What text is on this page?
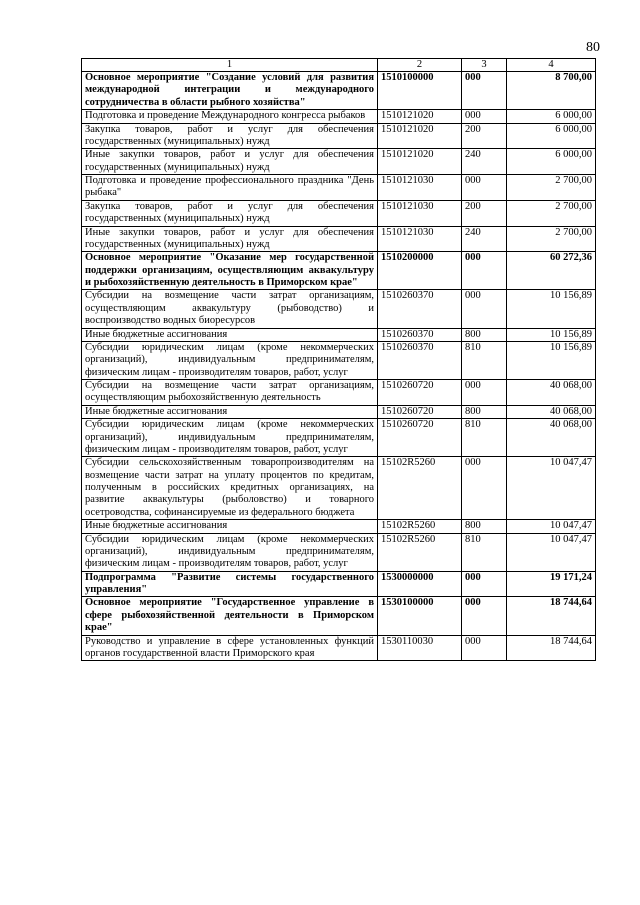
80
1	2	3	4
Основное мероприятие "Создание условий для развития международной интеграции и международного сотрудничества в области рыбного хозяйства"	1510100000	000	8 700,00
Подготовка и проведение Международного конгресса рыбаков	1510121020	000	6 000,00
Закупка товаров, работ и услуг для обеспечения государственных (муниципальных) нужд	1510121020	200	6 000,00
Иные закупки товаров, работ и услуг для обеспечения государственных (муниципальных) нужд	1510121020	240	6 000,00
Подготовка и проведение профессионального праздника "День рыбака"	1510121030	000	2 700,00
Закупка товаров, работ и услуг для обеспечения государственных (муниципальных) нужд	1510121030	200	2 700,00
Иные закупки товаров, работ и услуг для обеспечения государственных (муниципальных) нужд	1510121030	240	2 700,00
Основное мероприятие "Оказание мер государственной поддержки организациям, осуществляющим аквакультуру и рыбохозяйственную деятельность в Приморском крае"	1510200000	000	60 272,36
Субсидии на возмещение части затрат организациям, осуществляющим аквакультуру (рыбоводство) и воспроизводство водных биоресурсов	1510260370	000	10 156,89
Иные бюджетные ассигнования	1510260370	800	10 156,89
Субсидии юридическим лицам (кроме некоммерческих организаций), индивидуальным предпринимателям, физическим лицам - производителям товаров, работ, услуг	1510260370	810	10 156,89
Субсидии на возмещение части затрат организациям, осуществляющим рыбохозяйственную деятельность	1510260720	000	40 068,00
Иные бюджетные ассигнования	1510260720	800	40 068,00
Субсидии юридическим лицам (кроме некоммерческих организаций), индивидуальным предпринимателям, физическим лицам - производителям товаров, работ, услуг	1510260720	810	40 068,00
Субсидии сельскохозяйственным товаропроизводителям на возмещение части затрат на уплату процентов по кредитам, полученным в российских кредитных организациях, на развитие аквакультуры (рыболовство) и товарного осетроводства, софинансируемые из федерального бюджета	15102R5260	000	10 047,47
Иные бюджетные ассигнования	15102R5260	800	10 047,47
Субсидии юридическим лицам (кроме некоммерческих организаций), индивидуальным предпринимателям, физическим лицам - производителям товаров, работ, услуг	15102R5260	810	10 047,47
Подпрограмма "Развитие системы государственного управления"	1530000000	000	19 171,24
Основное мероприятие "Государственное управление в сфере рыбохозяйственной деятельности в Приморском крае"	1530100000	000	18 744,64
Руководство и управление в сфере установленных функций органов государственной власти Приморского края	1530110030	000	18 744,64
